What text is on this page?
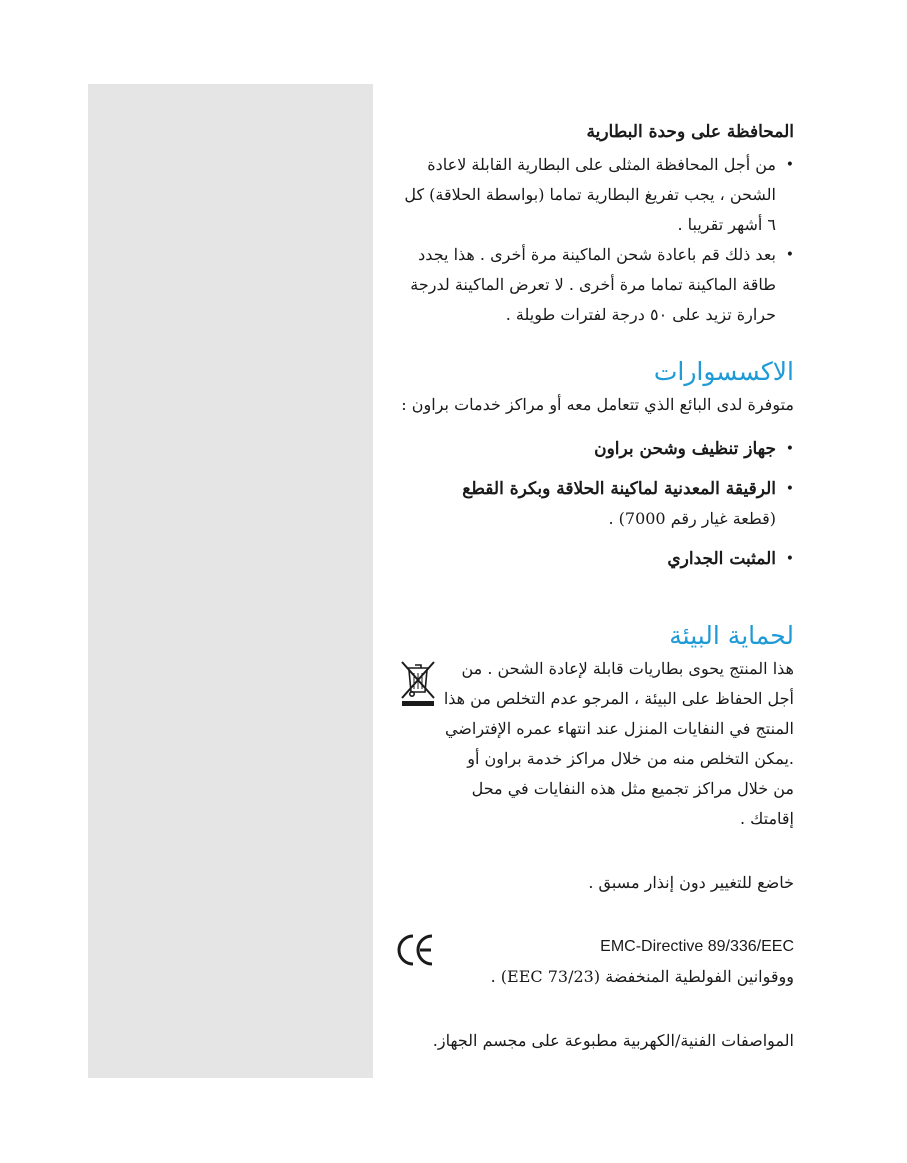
المحافظة على وحدة البطارية
• من أجل المحافظة المثلى على البطارية القابلة لاعادة الشحن ، يجب تفريغ البطارية تماما (بواسطة الحلاقة) كل ٦ أشهر تقريبا .
• بعد ذلك قم باعادة شحن الماكينة مرة أخرى . هذا يجدد طاقة الماكينة تماما مرة أخرى . لا تعرض الماكينة لدرجة حرارة تزيد على ٥٠ درجة لفترات طويلة .
الاكسسوارات

متوفرة لدى البائع الذي تتعامل معه أو مراكز خدمات براون :

• جهاز تنظيف وشحن براون
• الرقيقة المعدنية لماكينة الحلاقة وبكرة القطع
(قطعة غيار رقم 7000) .
• المثبت الجداري
لحماية البيئة

هذا المنتج يحوى بطاريات قابلة لإعادة الشحن . من أجل الحفاظ على البيئة ، المرجو عدم التخلص من هذا المنتج في النفايات المنزل عند انتهاء عمره الإفتراضي .يمكن التخلص منه من خلال مراكز خدمة براون أو من خلال مراكز تجميع مثل هذه النفايات في محل إقامتك .

خاضع للتغيير دون إنذار مسبق .

EMC-Directive 89/336/EEC
ووقوانين الفولطية المنخفضة (73/23 EEC) .

المواصفات الفنية/الكهربية مطبوعة على مجسم الجهاز.
